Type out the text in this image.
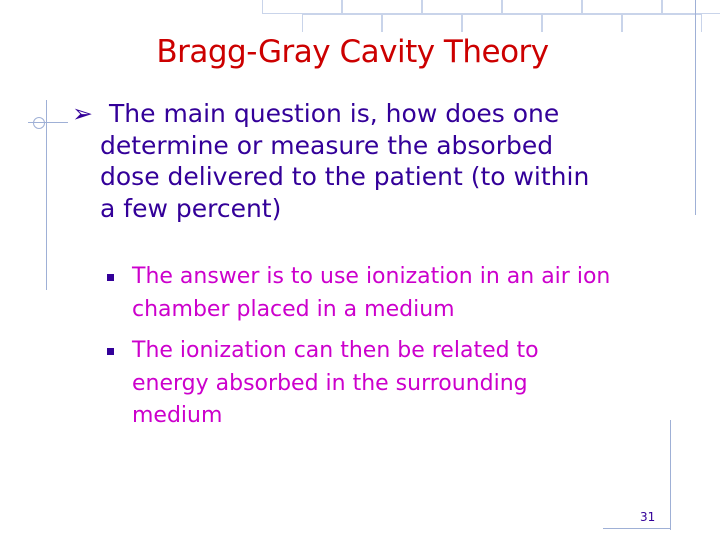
Bragg-Gray Cavity Theory
➢ The main question is, how does one
determine or measure the absorbed
dose delivered to the patient (to within
a few percent)
The answer is to use ionization in an air ion
chamber placed in a medium
The ionization can then be related to
energy absorbed in the surrounding
medium
31
